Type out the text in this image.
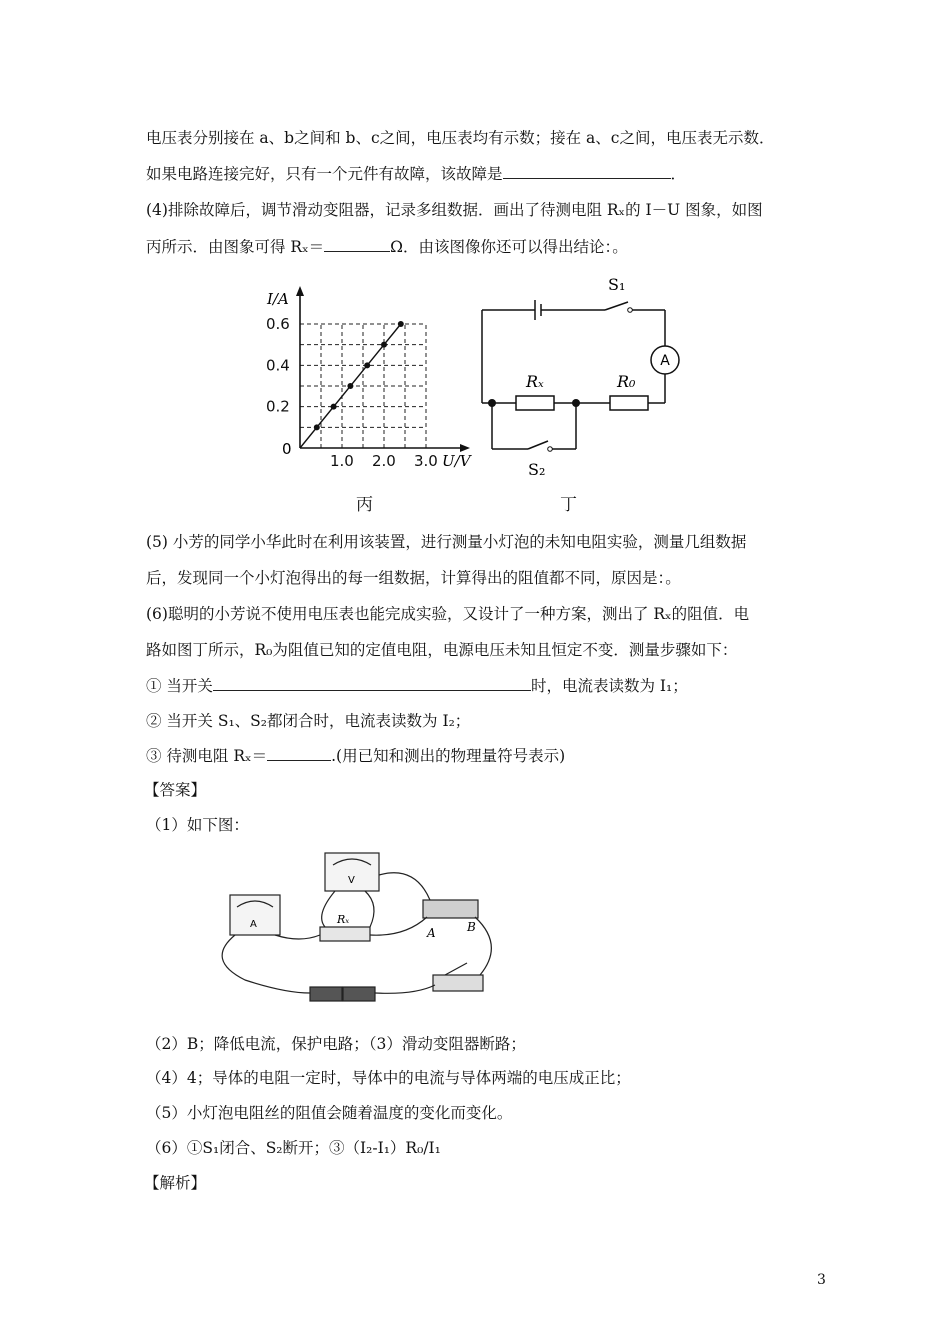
电压表分别接在 a、b之间和 b、c之间，电压表均有示数；接在 a、c之间，电压表无示数．
如果电路连接完好，只有一个元件有故障，该故障是	．
(4)排除故障后，调节滑动变阻器，记录多组数据．画出了待测电阻 Rₓ的 I－U 图象，如图
丙所示．由图象可得 Rₓ＝	Ω．由该图像你还可以得出结论：。
0.6
0.4
0.2
1.0 2.0 3.0
0
I/A
U/V
丙
A
S₁
Rₓ	R₀
S₂
丁
(5) 小芳的同学小华此时在利用该装置，进行测量小灯泡的未知电阻实验，测量几组数据
后，发现同一个小灯泡得出的每一组数据，计算得出的阻值都不同，原因是：。
(6)聪明的小芳说不使用电压表也能完成实验，又设计了一种方案，测出了 Rₓ的阻值．电
路如图丁所示，R₀为阻值已知的定值电阻，电源电压未知且恒定不变．测量步骤如下：
① 当开关	时，电流表读数为 I₁；
② 当开关 S₁、S₂都闭合时，电流表读数为 I₂；
③ 待测电阻 Rₓ＝	.(用已知和测出的物理量符号表示)
【答案】
（1）如下图：
A
V
Rₓ
A	B
（2）B；降低电流，保护电路；（3）滑动变阻器断路；
（4）4；导体的电阻一定时，导体中的电流与导体两端的电压成正比；
（5）小灯泡电阻丝的阻值会随着温度的变化而变化。
（6）①S₁闭合、S₂断开；③（I₂-I₁）R₀/I₁
【解析】
3
